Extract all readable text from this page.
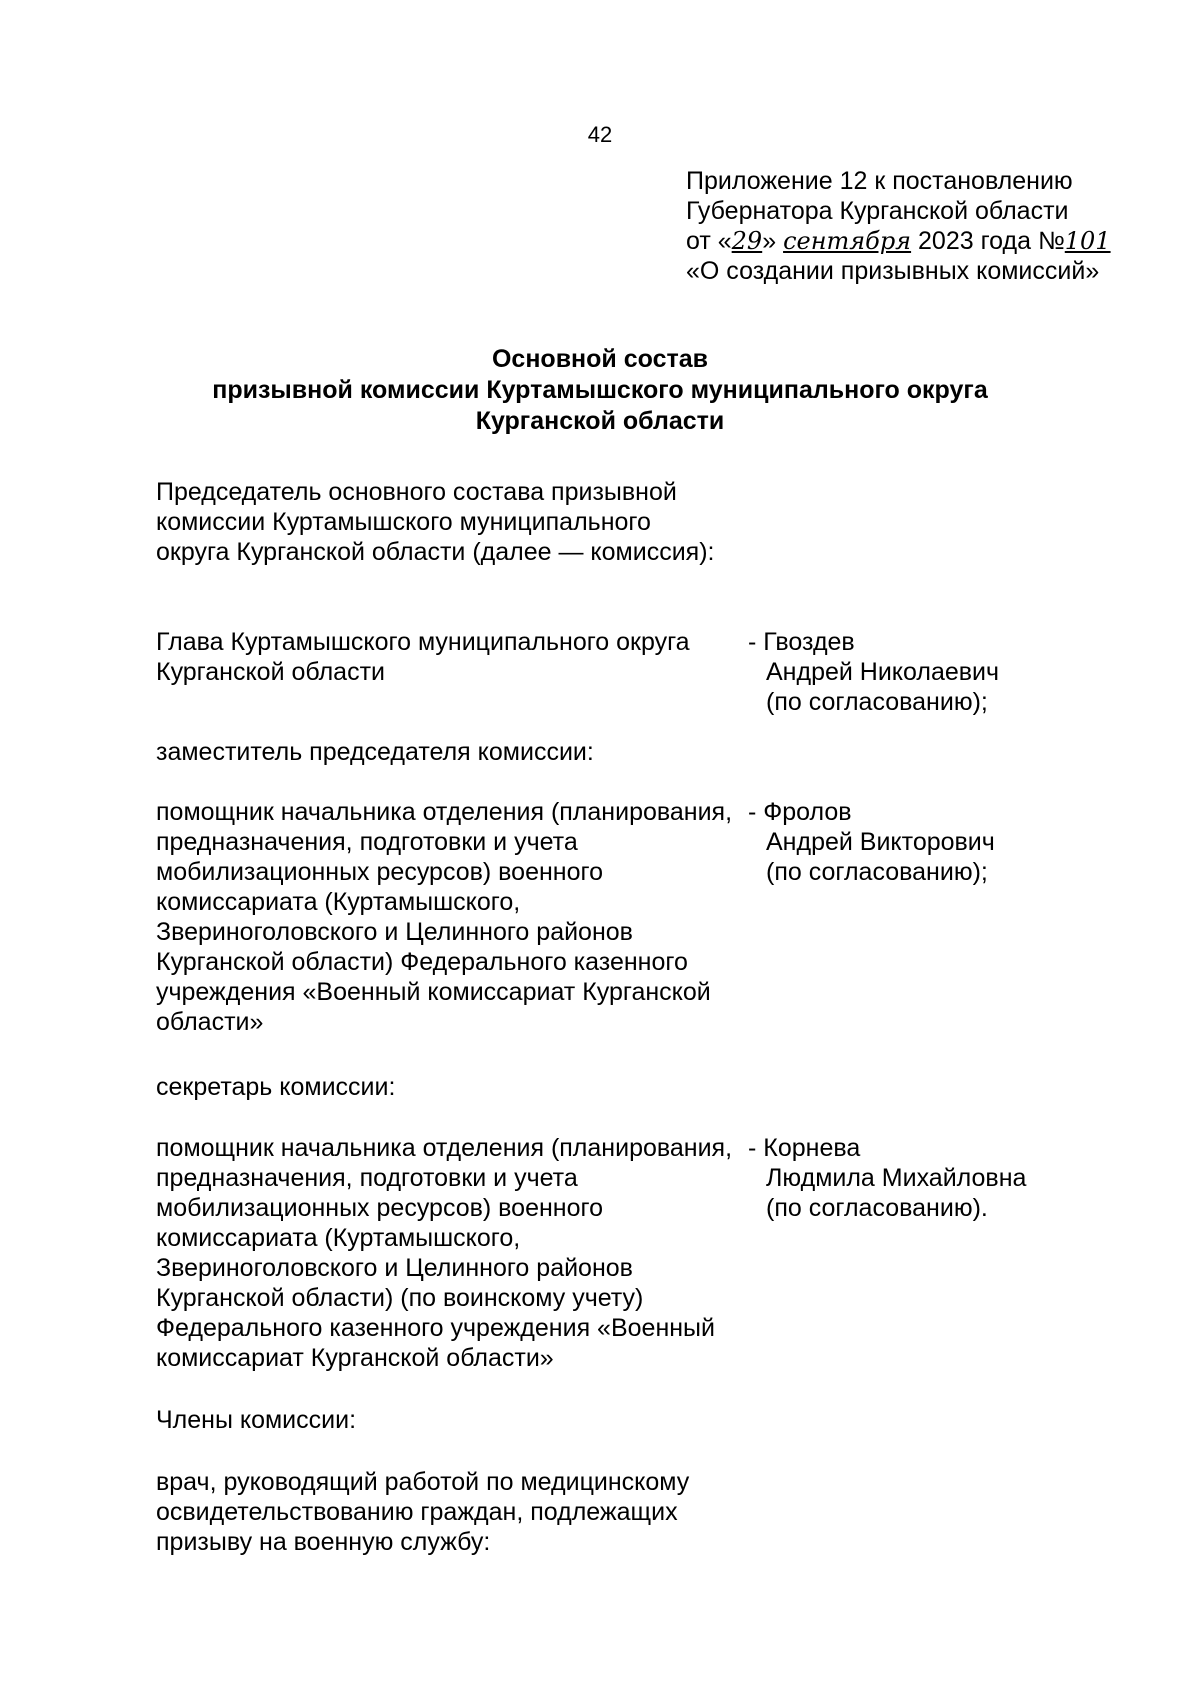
42
Приложение 12 к постановлению
Губернатора Курганской области
от «29» сентября 2023 года №101
«О создании призывных комиссий»
Основной состав
призывной комиссии Куртамышского муниципального округа
Курганской области
Председатель основного состава призывной комиссии Куртамышского муниципального округа Курганской области (далее — комиссия):
Глава Куртамышского муниципального округа Курганской области
- Гвоздев
Андрей Николаевич
(по согласованию);
заместитель председателя комиссии:
помощник начальника отделения (планирования, предназначения, подготовки и учета мобилизационных ресурсов) военного комиссариата (Куртамышского, Звериноголовского и Целинного районов Курганской области) Федерального казенного учреждения «Военный комиссариат Курганской области»
- Фролов
Андрей Викторович
(по согласованию);
секретарь комиссии:
помощник начальника отделения (планирования, предназначения, подготовки и учета мобилизационных ресурсов) военного комиссариата (Куртамышского, Звериноголовского и Целинного районов Курганской области) (по воинскому учету) Федерального казенного учреждения «Военный комиссариат Курганской области»
- Корнева
Людмила Михайловна
(по согласованию).
Члены комиссии:
врач, руководящий работой по медицинскому освидетельствованию граждан, подлежащих призыву на военную службу:
